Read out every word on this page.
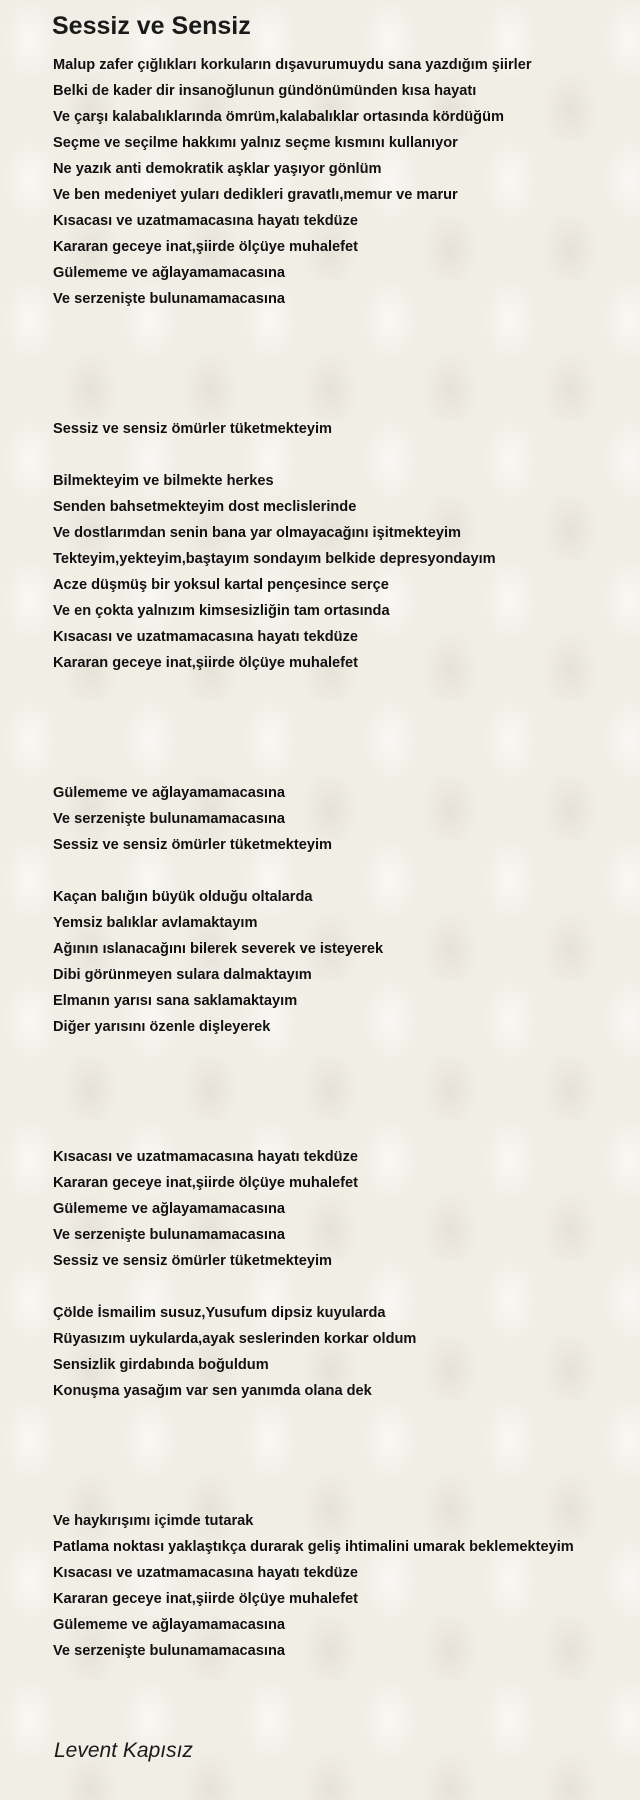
Sessiz ve Sensiz
Malup zafer çığlıkları korkuların dışavurumuydu sana yazdığım şiirler
Belki de kader dir insanoğlunun gündönümünden kısa hayatı
Ve çarşı kalabalıklarında ömrüm,kalabalıklar ortasında kördüğüm
Seçme ve seçilme hakkımı yalnız seçme kısmını kullanıyor
Ne yazık anti demokratik aşklar yaşıyor gönlüm
Ve ben medeniyet yuları dedikleri gravatlı,memur ve marur
Kısacası ve uzatmamacasına hayatı tekdüze
Kararan geceye inat,şiirde ölçüye muhalefet
Gülememe ve ağlayamamacasına
Ve serzenişte bulunamamacasına
Sessiz ve sensiz ömürler tüketmekteyim
Bilmekteyim ve bilmekte herkes
Senden bahsetmekteyim dost meclislerinde
Ve dostlarımdan senin bana yar olmayacağını işitmekteyim
Tekteyim,yekteyim,baştayım sondayım belkide depresyondayım
Acze düşmüş bir yoksul kartal pençesince serçe
Ve en çokta yalnızım kimsesizliğin tam ortasında
Kısacası ve uzatmamacasına hayatı tekdüze
Kararan geceye inat,şiirde ölçüye muhalefet
Gülememe ve ağlayamamacasına
Ve serzenişte bulunamamacasına
Sessiz ve sensiz ömürler tüketmekteyim
Kaçan balığın büyük olduğu oltalarda
Yemsiz balıklar avlamaktayım
Ağının ıslanacağını bilerek severek ve isteyerek
Dibi görünmeyen sulara dalmaktayım
Elmanın yarısı sana saklamaktayım
Diğer yarısını özenle dişleyerek
Kısacası ve uzatmamacasına hayatı tekdüze
Kararan geceye inat,şiirde ölçüye muhalefet
Gülememe ve ağlayamamacasına
Ve serzenişte bulunamamacasına
Sessiz ve sensiz ömürler tüketmekteyim
Çölde İsmailim susuz,Yusufum dipsiz kuyularda
Rüyasızım uykularda,ayak seslerinden korkar oldum
Sensizlik girdabında boğuldum
Konuşma yasağım var sen yanımda olana dek
Ve haykırışımı içimde tutarak
Patlama noktası yaklaştıkça durarak geliş ihtimalini umarak beklemekteyim
Kısacası ve uzatmamacasına hayatı tekdüze
Kararan geceye inat,şiirde ölçüye muhalefet
Gülememe ve ağlayamamacasına
Ve serzenişte bulunamamacasına
Levent Kapısız
